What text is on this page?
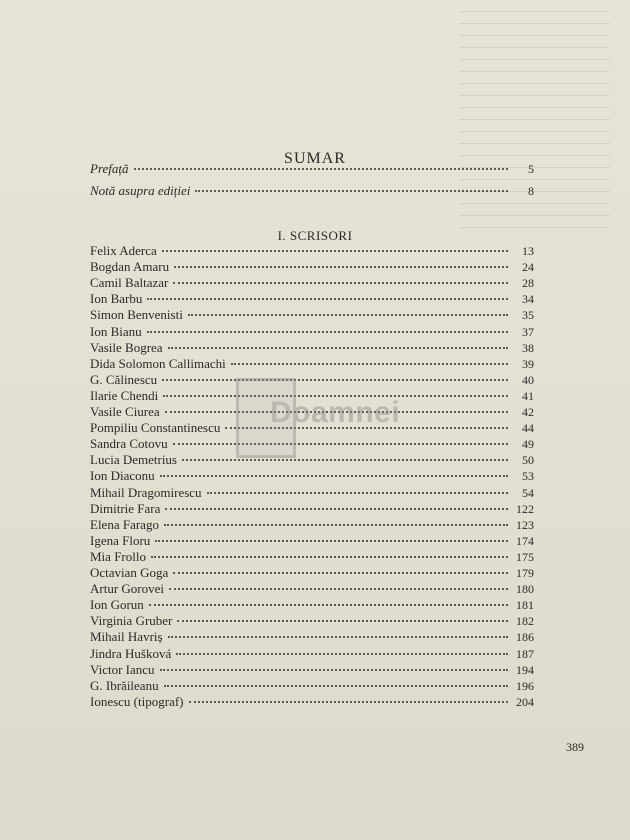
SUMAR
Prefață	5
Notă asupra ediției	8
I. SCRISORI
Felix Aderca	13
Bogdan Amaru	24
Camil Baltazar	28
Ion Barbu	34
Simon Benvenisti	35
Ion Bianu	37
Vasile Bogrea	38
Dida Solomon Callimachi	39
G. Călinescu	40
Ilarie Chendi	41
Vasile Ciurea	42
Pompiliu Constantinescu	44
Sandra Cotovu	49
Lucia Demetrius	50
Ion Diaconu	53
Mihail Dragomirescu	54
Dimitrie Fara	122
Elena Farago	123
Igena Floru	174
Mia Frollo	175
Octavian Goga	179
Artur Gorovei	180
Ion Gorun	181
Virginia Gruber	182
Mihail Havriș	186
Jindra Hušková	187
Victor Iancu	194
G. Ibrăileanu	196
Ionescu (tipograf)	204
Doamnei
389
